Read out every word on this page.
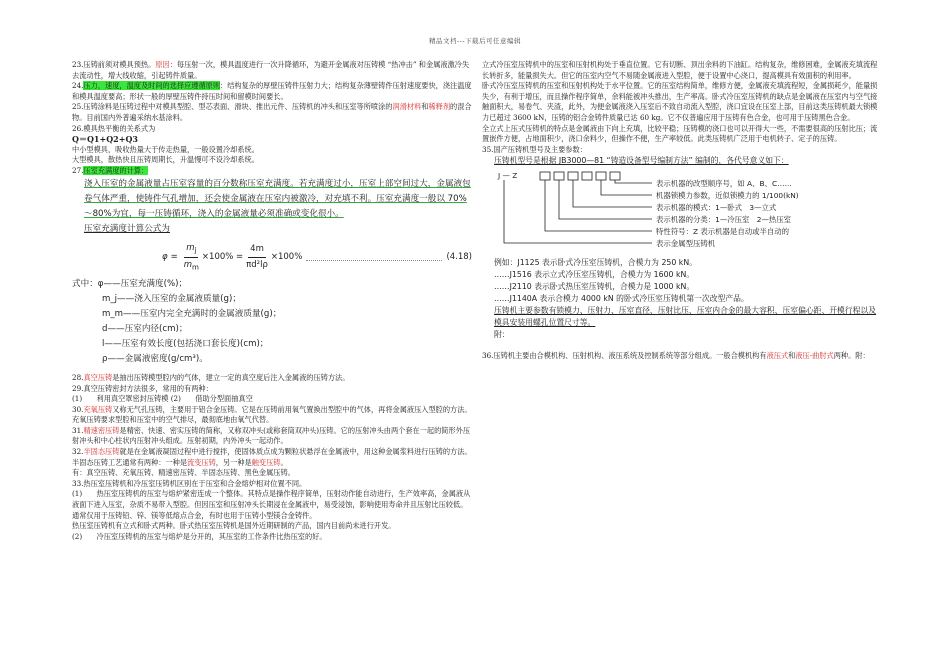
精品文档---下载后可任意编辑

23.压铸前须对模具预热。原因：每压射一次，模具温度进行一次升降循环，为避开金属液对压铸模 “热冲击” 和金属液激冷失去流动性，增大线收缩，引起铸件质量。

24.压力，速度，温度及时间的选择应遵循原则：结构复杂的厚壁压铸件压射力大；结构复杂薄壁铸件压射速度要快，浇注温度和模具温度要高；形状一般的厚壁压铸件持压时间和留模时间要长。

25.压铸涂料是压铸过程中对模具型腔、型芯表面、滑块、推出元件、压铸机的冲头和压室等所喷涂的润滑材料和稀释剂的混合物。目前国内外普遍采纳水基涂料。

26.模具热平衡的关系式为

Q＝Q1+Q2+Q3

中小型模具，吸收热量大于传走热量，一般设置冷却系统。

大型模具，散热快且压铸周期长，升温慢可不设冷却系统。

27.压室充满度的计算：

浇入压室的金属液量占压室容量的百分数称压室充满度。若充满度过小，压室上部空间过大，金属液包卷气体严重，使铸件气孔增加，还会使金属液在压室内被激冷，对充填不利。压室充满度一般以 70%～80%为宜，每一压铸循环，浇入的金属液量必须准确或变化很小。

压室充满度计算公式为

$\varphi = \frac{m_j}{m_m} \times 100\% = \frac{4m}{\text{πd²lρ}} \times 100\%$	(4.18)

式中：φ——压室充满度(%)；

m_j——浇入压室的金属液质量(g)；

m_m——压室内完全充满时的金属液质量(g)；

d——压室内径(cm)；

l——压室有效长度(包括浇口套长度)(cm)；

ρ——金属液密度(g/cm³)。

28.真空压铸是抽出压铸模型腔内的气体，建立一定的真空度后注入金属液的压铸方法。

29.真空压铸密封方法很多，常用的有两种：

(1)　　利用真空罩密封压铸模 (2)　　借助分型面抽真空

30.充氧压铸又称无气孔压铸，主要用于铝合金压铸。它是在压铸前用氧气置换出型腔中的气体，再将金属液压入型腔的方法。充氧压铸要求型腔和压室中的空气排尽，最彻底地由氧气代替。

31.精速密压铸是精密、快速、密实压铸的简称，又称双冲头(或称套筒双冲头)压铸。它的压射冲头由两个套在一起的简形外压射冲头和中心柱状内压射冲头组成。压射初期，内外冲头一起动作。

32.半固态压铸就是在金属液凝固过程中进行搅拌，使固体质点成为颗粒状悬浮在金属液中，用这种金属浆料进行压铸的方法。半固态压铸工艺通常有两种：一种是流变压铸，另一种是触变压铸。

有：真空压铸、充氧压铸、精速密压铸、半固态压铸、黑色金属压铸。

33.热压室压铸机和冷压室压铸机区别在于压室和合金熔炉相对位置不同。

(1)　　热压室压铸机的压室与熔炉紧密连成一个整体。其特点是操作程序简单，压射动作能自动进行，生产效率高，金属液从液面下进入压室，杂质不易带入型腔。但因压室和压射冲头长期浸在金属液中，易受浸蚀，影响使用寿命并且压射比压较低。通常仅用于压铸铅、锌、镁等低熔点合金，有时也用于压铸小型镁合金铸件。

热压室压铸机有立式和卧式两种。卧式热压室压铸机是国外近期研制的产品，国内目前尚未进行开发。

(2)　　冷压室压铸机的压室与熔炉是分开的，其压室的工作条件比热压室的好。

立式冷压室压铸机中的压室和压射机构处于垂直位置。它有切断、顶出余料的下油缸。结构复杂，维修困难，金属液充填流程长转折多，能量损失大。但它的压室内空气不易随金属液进入型腔，便于设置中心浇口，提高模具有效面积的利用率。

卧式冷压室压铸机的压室和压射机构处于水平位置。它的压室结构简单，维修方便，金属液充填流程短，金属损耗少，能量损失少，有利于增压，而且操作程序简单，余料能被冲头推出，生产率高。卧式冷压室压铸机的缺点是金属液在压室内与空气接触面积大，易卷气、夹渣，此外，为便金属液浇入压室后不致自动流入型腔，浇口宜设在压室上部，目前这类压铸机最大锁模力已超过 3600 kN，压铸的铝合金铸件质量已达 60 kg。它不仅普遍应用于压铸有色合金，也可用于压铸黑色合金。

全立式上压式压铸机的特点是金属液由下向上充填，比较平稳；压铸模的浇口也可以开得大一些，不需要很高的压射比压；流置嵌件方便，占地面积少，浇口余料少，但操作不便，生产率较低。此类压铸机广泛用于电机转子、定子的压铸。

35.国产压铸机型号及主要参数：

压铸机型号是根据 JB3000—81 “铸造设备型号编制方法” 编制的，各代号意义如下：

J — Z
表示机器的改型顺序号，如 A、B、C……
机器锁模力参数，近似锁模力的 1/100(kN)
表示机器的模式：1—卧式　3—立式
表示机器的分类：1—冷压室　2—热压室
特性符号：Z 表示机器是自动或半自动的
表示金属型压铸机

例如：J1125 表示卧式冷压室压铸机，合模力为 250 kN。

……J1516 表示立式冷压室压铸机，合模力为 1600 kN。

……J2110 表示卧式热压室压铸机，合模力是 1000 kN。

……J1140A 表示合模力 4000 kN 的卧式冷压室压铸机第一次改型产品。

压铸机主要参数有锁模力、压射力、压室直径、压射比压、压室内合金的最大容积、压室偏心距、开模行程以及模具安装用螺孔位置尺寸等。

附：

36.压铸机主要由合模机构、压射机构、液压系统及控制系统等部分组成。一般合模机构有液压式和液压-曲肘式两种。附：
